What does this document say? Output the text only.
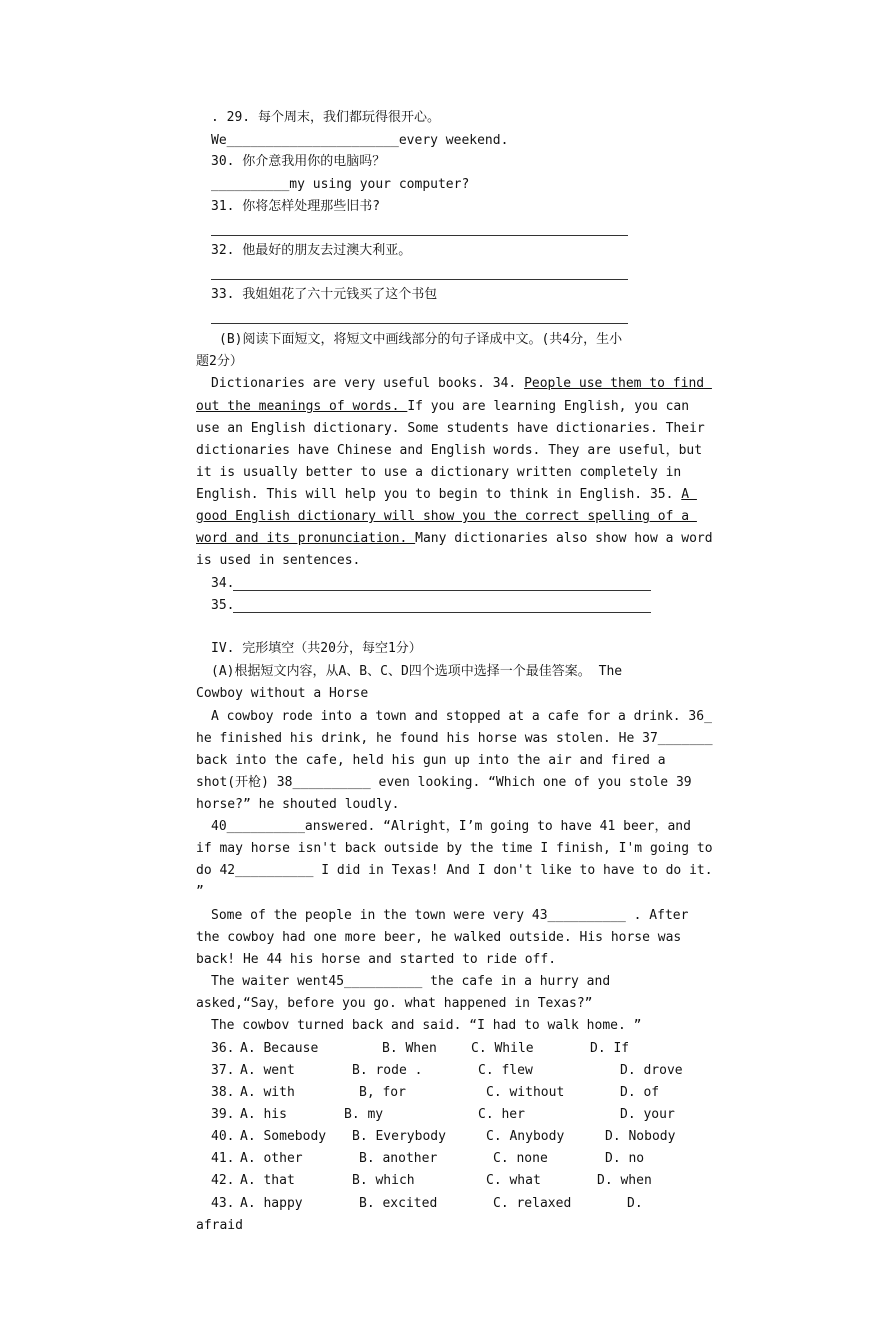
. 29. 每个周末，我们都玩得很开心。
We______________________every weekend.
30. 你介意我用你的电脑吗？
__________my using your computer?
31. 你将怎样处理那些旧书?
32. 他最好的朋友去过澳大利亚。
33. 我姐姐花了六十元钱买了这个书包
(B)阅读下面短文，将短文中画线部分的句子译成中文。(共4分，生小
题2分）
Dictionaries are very useful books. 34. People use them to find
out the meanings of words. If you are learning English, you can
use an English dictionary. Some students have dictionaries. Their
dictionaries have Chinese and English words. They are useful，but
it is usually better to use a dictionary written completely in
English. This will help you to begin to think in English. 35. A
good English dictionary will show you the correct spelling of a
word and its pronunciation. Many dictionaries also show how a word
is used in sentences.
34.
35.
IV. 完形填空（共20分，每空1分）
(A)根据短文内容，从A、B、C、D四个选项中选择一个最佳答案。 The
Cowboy without a Horse
A cowboy rode into a town and stopped at a cafe for a drink. 36_
he finished his drink, he found his horse was stolen. He 37_______
back into the cafe, held his gun up into the air and fired a
shot(开枪) 38__________ even looking. “Which one of you stole 39
horse?” he shouted loudly.
40__________answered. “Alright，I’m going to have 41 beer，and
if may horse isn't back outside by the time I finish, I'm going to
do 42__________ I did in Texas! And I don't like to have to do it.
”
Some of the people in the town were very 43__________ . After
the cowboy had one more beer, he walked outside. His horse was
back! He 44 his horse and started to ride off.
The waiter went45__________ the cafe in a hurry and
asked,“Say，before you go. what happened in Texas?”
The cowbov turned back and said. “I had to walk home. ”
36. A. Because	B. When	C. While	D. If
37. A. went	B. rode .	C. flew	D. drove
38. A. with	B, for	C. without	D. of
39. A. his	B. my	C. her	D. your
40. A. Somebody B. Everybody	C. Anybody	D. Nobody
41. A. other	B. another	C. none	D. no
42. A. that	B. which	C. what	D. when
43. A. happy	B. excited	C. relaxed	D.
afraid
